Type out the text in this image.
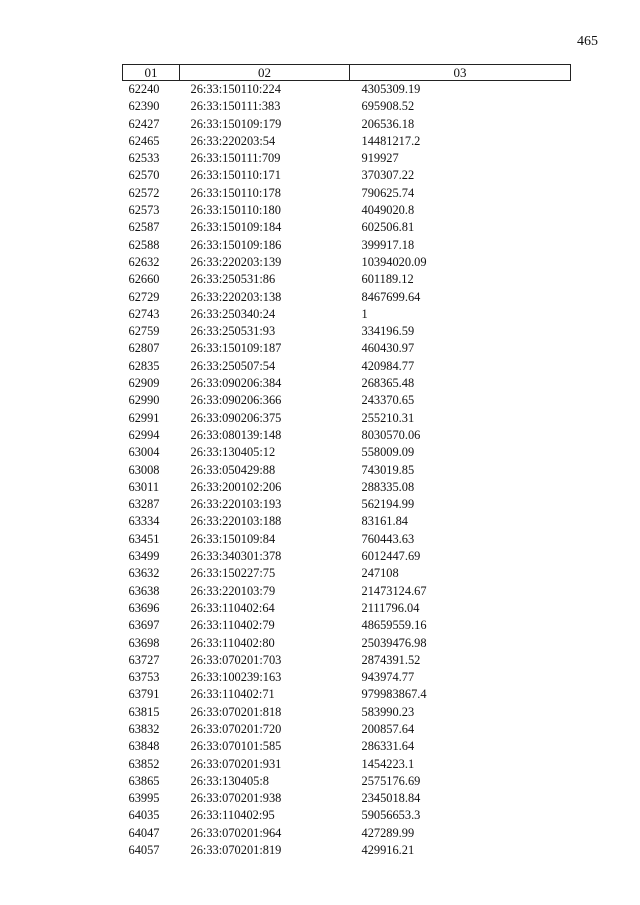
465
01	02	03
62240	26:33:150110:224	4305309.19
62390	26:33:150111:383	695908.52
62427	26:33:150109:179	206536.18
62465	26:33:220203:54	14481217.2
62533	26:33:150111:709	919927
62570	26:33:150110:171	370307.22
62572	26:33:150110:178	790625.74
62573	26:33:150110:180	4049020.8
62587	26:33:150109:184	602506.81
62588	26:33:150109:186	399917.18
62632	26:33:220203:139	10394020.09
62660	26:33:250531:86	601189.12
62729	26:33:220203:138	8467699.64
62743	26:33:250340:24	1
62759	26:33:250531:93	334196.59
62807	26:33:150109:187	460430.97
62835	26:33:250507:54	420984.77
62909	26:33:090206:384	268365.48
62990	26:33:090206:366	243370.65
62991	26:33:090206:375	255210.31
62994	26:33:080139:148	8030570.06
63004	26:33:130405:12	558009.09
63008	26:33:050429:88	743019.85
63011	26:33:200102:206	288335.08
63287	26:33:220103:193	562194.99
63334	26:33:220103:188	83161.84
63451	26:33:150109:84	760443.63
63499	26:33:340301:378	6012447.69
63632	26:33:150227:75	247108
63638	26:33:220103:79	21473124.67
63696	26:33:110402:64	2111796.04
63697	26:33:110402:79	48659559.16
63698	26:33:110402:80	25039476.98
63727	26:33:070201:703	2874391.52
63753	26:33:100239:163	943974.77
63791	26:33:110402:71	979983867.4
63815	26:33:070201:818	583990.23
63832	26:33:070201:720	200857.64
63848	26:33:070101:585	286331.64
63852	26:33:070201:931	1454223.1
63865	26:33:130405:8	2575176.69
63995	26:33:070201:938	2345018.84
64035	26:33:110402:95	59056653.3
64047	26:33:070201:964	427289.99
64057	26:33:070201:819	429916.21
